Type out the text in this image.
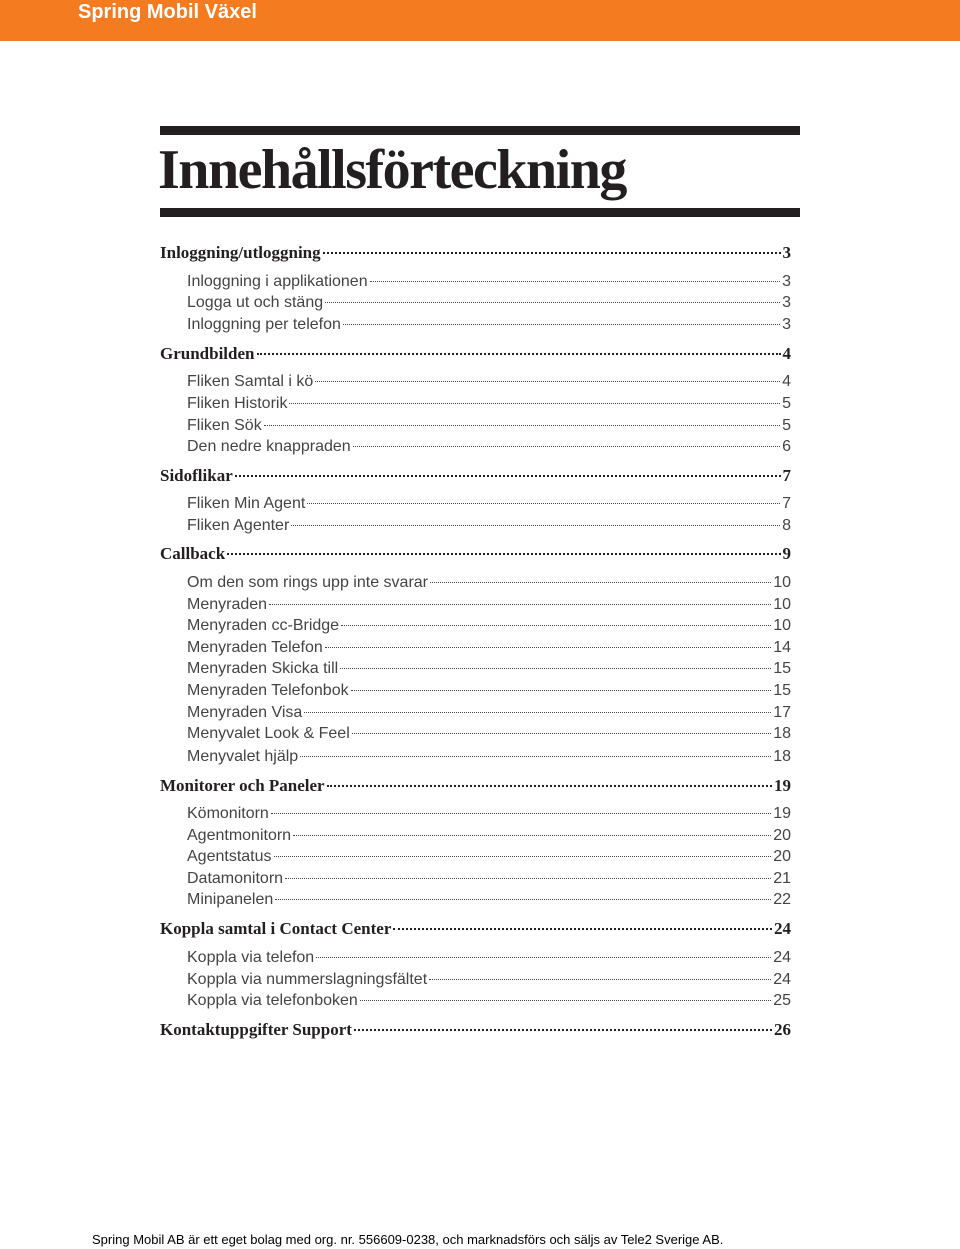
Spring Mobil Växel
Innehållsförteckning
Inloggning/utloggning	3
Inloggning i applikationen	3
Logga ut och stäng	3
Inloggning per telefon	3
Grundbilden	4
Fliken Samtal i kö	4
Fliken Historik	5
Fliken Sök	5
Den nedre knappraden	6
Sidoflikar	7
Fliken Min Agent	7
Fliken Agenter	8
Callback	9
Om den som rings upp inte svarar	10
Menyraden	10
Menyraden cc-Bridge	10
Menyraden Telefon	14
Menyraden Skicka till	15
Menyraden Telefonbok	15
Menyraden Visa	17
Menyvalet Look & Feel	18
Menyvalet hjälp	18
Monitorer och Paneler	19
Kömonitorn	19
Agentmonitorn	20
Agentstatus	20
Datamonitorn	21
Minipanelen	22
Koppla samtal i Contact Center	24
Koppla via telefon	24
Koppla via nummerslagningsfältet	24
Koppla via telefonboken	25
Kontaktuppgifter Support	26
Spring Mobil AB är ett eget bolag med org. nr. 556609-0238, och marknadsförs och säljs av Tele2 Sverige AB.
